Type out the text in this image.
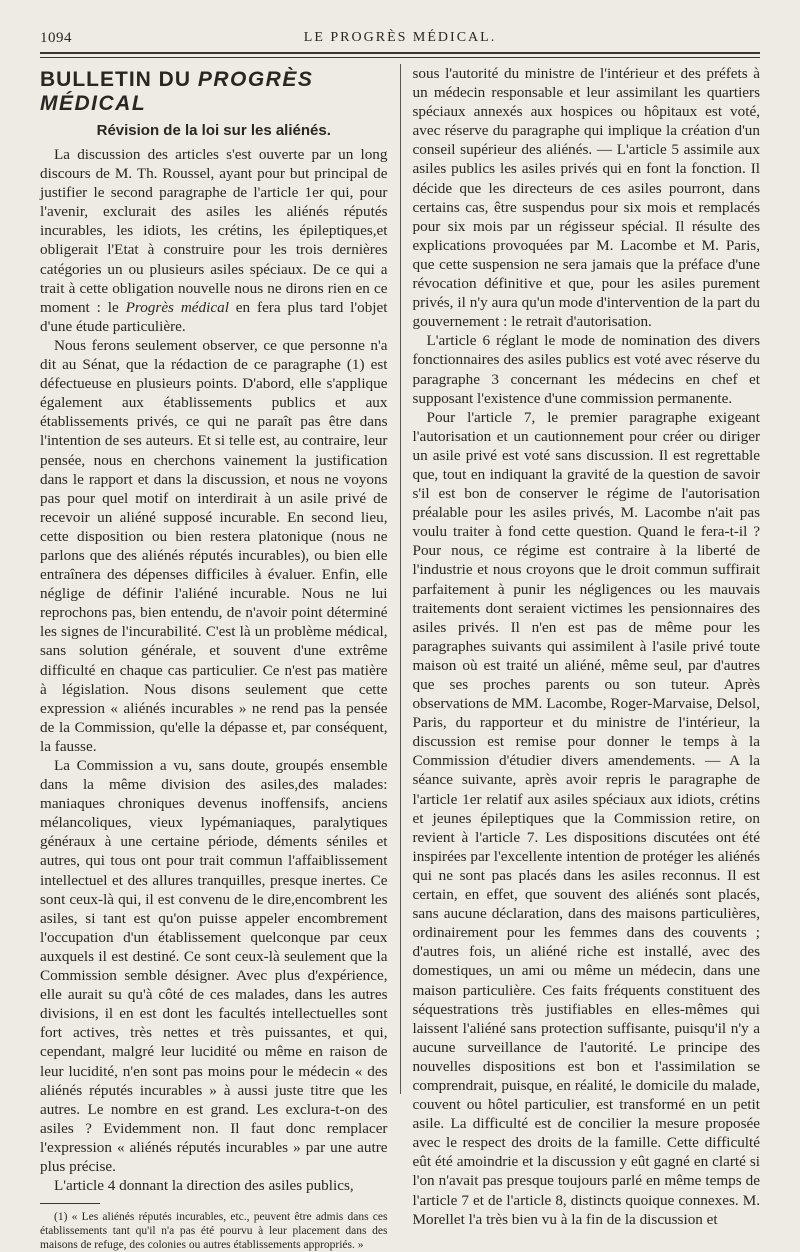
1094	LE PROGRÈS MÉDICAL.
BULLETIN DU PROGRÈS MÉDICAL
Révision de la loi sur les aliénés.

La discussion des articles s'est ouverte par un long discours de M. Th. Roussel, ayant pour but principal de justifier le second paragraphe de l'article 1er qui, pour l'avenir, exclurait des asiles les aliénés réputés incurables, les idiots, les crétins, les épileptiques,et obligerait l'Etat à construire pour les trois dernières catégories un ou plusieurs asiles spéciaux. De ce qui a trait à cette obligation nouvelle nous ne dirons rien en ce moment : le Progrès médical en fera plus tard l'objet d'une étude particulière.

Nous ferons seulement observer, ce que personne n'a dit au Sénat, que la rédaction de ce paragraphe (1) est défectueuse en plusieurs points. D'abord, elle s'applique également aux établissements publics et aux établissements privés, ce qui ne paraît pas être dans l'intention de ses auteurs. Et si telle est, au contraire, leur pensée, nous en cherchons vainement la justification dans le rapport et dans la discussion, et nous ne voyons pas pour quel motif on interdirait à un asile privé de recevoir un aliéné supposé incurable. En second lieu, cette disposition ou bien restera platonique (nous ne parlons que des aliénés réputés incurables), ou bien elle entraînera des dépenses difficiles à évaluer. Enfin, elle néglige de définir l'aliéné incurable. Nous ne lui reprochons pas, bien entendu, de n'avoir point déterminé les signes de l'incurabilité. C'est là un problème médical, sans solution générale, et souvent d'une extrême difficulté en chaque cas particulier. Ce n'est pas matière à législation. Nous disons seulement que cette expression « aliénés incurables » ne rend pas la pensée de la Commission, qu'elle la dépasse et, par conséquent, la fausse.

La Commission a vu, sans doute, groupés ensemble dans la même division des asiles,des malades: maniaques chroniques devenus inoffensifs, anciens mélancoliques, vieux lypémaniaques, paralytiques généraux à une certaine période, déments séniles et autres, qui tous ont pour trait commun l'affaiblissement intellectuel et des allures tranquilles, presque inertes. Ce sont ceux-là qui, il est convenu de le dire,encombrent les asiles, si tant est qu'on puisse appeler encombrement l'occupation d'un établissement quelconque par ceux auxquels il est destiné. Ce sont ceux-là seulement que la Commission semble désigner. Avec plus d'expérience, elle aurait su qu'à côté de ces malades, dans les autres divisions, il en est dont les facultés intellectuelles sont fort actives, très nettes et très puissantes, et qui, cependant, malgré leur lucidité ou même en raison de leur lucidité, n'en sont pas moins pour le médecin « des aliénés réputés incurables » à aussi juste titre que les autres. Le nombre en est grand. Les exclura-t-on des asiles ? Evidemment non. Il faut donc remplacer l'expression « aliénés réputés incurables » par une autre plus précise.

L'article 4 donnant la direction des asiles publics,

(1) « Les aliénés réputés incurables, etc., peuvent être admis dans ces établissements tant qu'il n'a pas été pourvu à leur placement dans des maisons de refuge, des colonies ou autres établissements appropriés. »

sous l'autorité du ministre de l'intérieur et des préfets à un médecin responsable et leur assimilant les quartiers spéciaux annexés aux hospices ou hôpitaux est voté, avec réserve du paragraphe qui implique la création d'un conseil supérieur des aliénés. — L'article 5 assimile aux asiles publics les asiles privés qui en font la fonction. Il décide que les directeurs de ces asiles pourront, dans certains cas, être suspendus pour six mois et remplacés pour six mois par un régisseur spécial. Il résulte des explications provoquées par M. Lacombe et M. Paris, que cette suspension ne sera jamais que la préface d'une révocation définitive et que, pour les asiles purement privés, il n'y aura qu'un mode d'intervention de la part du gouvernement : le retrait d'autorisation.

L'article 6 réglant le mode de nomination des divers fonctionnaires des asiles publics est voté avec réserve du paragraphe 3 concernant les médecins en chef et supposant l'existence d'une commission permanente.

Pour l'article 7, le premier paragraphe exigeant l'autorisation et un cautionnement pour créer ou diriger un asile privé est voté sans discussion. Il est regrettable que, tout en indiquant la gravité de la question de savoir s'il est bon de conserver le régime de l'autorisation préalable pour les asiles privés, M. Lacombe n'ait pas voulu traiter à fond cette question. Quand le fera-t-il ? Pour nous, ce régime est contraire à la liberté de l'industrie et nous croyons que le droit commun suffirait parfaitement à punir les négligences ou les mauvais traitements dont seraient victimes les pensionnaires des asiles privés. Il n'en est pas de même pour les paragraphes suivants qui assimilent à l'asile privé toute maison où est traité un aliéné, même seul, par d'autres que ses proches parents ou son tuteur. Après observations de MM. Lacombe, Roger-Marvaise, Delsol, Paris, du rapporteur et du ministre de l'intérieur, la discussion est remise pour donner le temps à la Commission d'étudier divers amendements. — A la séance suivante, après avoir repris le paragraphe de l'article 1er relatif aux asiles spéciaux aux idiots, crétins et jeunes épileptiques que la Commission retire, on revient à l'article 7. Les dispositions discutées ont été inspirées par l'excellente intention de protéger les aliénés qui ne sont pas placés dans les asiles reconnus. Il est certain, en effet, que souvent des aliénés sont placés, sans aucune déclaration, dans des maisons particulières, ordinairement pour les femmes dans des couvents ; d'autres fois, un aliéné riche est installé, avec des domestiques, un ami ou même un médecin, dans une maison particulière. Ces faits fréquents constituent des séquestrations très justifiables en elles-mêmes qui laissent l'aliéné sans protection suffisante, puisqu'il n'y a aucune surveillance de l'autorité. Le principe des nouvelles dispositions est bon et l'assimilation se comprendrait, puisque, en réalité, le domicile du malade, couvent ou hôtel particulier, est transformé en un petit asile. La difficulté est de concilier la mesure proposée avec le respect des droits de la famille. Cette difficulté eût été amoindrie et la discussion y eût gagné en clarté si l'on n'avait pas presque toujours parlé en même temps de l'article 7 et de l'article 8, distincts quoique connexes. M. Morellet l'a très bien vu à la fin de la discussion et
